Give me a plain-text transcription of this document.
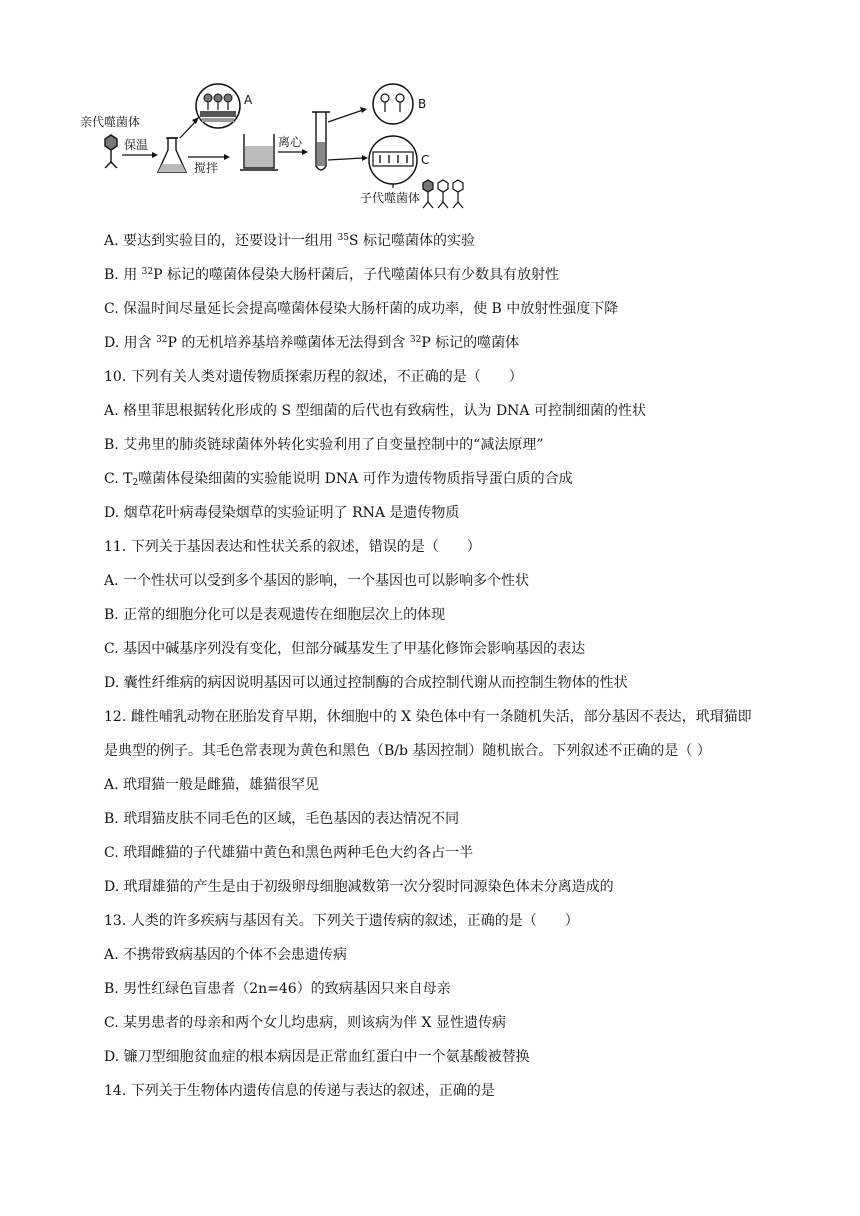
亲代噬菌体
保温
A
搅拌
离心
B
C
子代噬菌体
A. 要达到实验目的，还要设计一组用 $^{35}$S 标记噬菌体的实验
B. 用 $^{32}$P 标记的噬菌体侵染大肠杆菌后，子代噬菌体只有少数具有放射性
C. 保温时间尽量延长会提高噬菌体侵染大肠杆菌的成功率，使 B 中放射性强度下降
D. 用含 $^{32}$P 的无机培养基培养噬菌体无法得到含 $^{32}$P 标记的噬菌体
10. 下列有关人类对遗传物质探索历程的叙述，不正确的是（　　）
A. 格里菲思根据转化形成的 S 型细菌的后代也有致病性，认为 DNA 可控制细菌的性状
B. 艾弗里的肺炎链球菌体外转化实验利用了自变量控制中的“减法原理”
C. $T_2$噬菌体侵染细菌的实验能说明 DNA 可作为遗传物质指导蛋白质的合成
D. 烟草花叶病毒侵染烟草的实验证明了 RNA 是遗传物质
11. 下列关于基因表达和性状关系的叙述，错误的是（　　）
A. 一个性状可以受到多个基因的影响，一个基因也可以影响多个性状
B. 正常的细胞分化可以是表观遗传在细胞层次上的体现
C. 基因中碱基序列没有变化，但部分碱基发生了甲基化修饰会影响基因的表达
D. 囊性纤维病的病因说明基因可以通过控制酶的合成控制代谢从而控制生物体的性状
12. 雌性哺乳动物在胚胎发育早期，休细胞中的 X 染色体中有一条随机失活，部分基因不表达，玳瑁猫即
是典型的例子。其毛色常表现为黄色和黑色（B/b 基因控制）随机嵌合。下列叙述不正确的是（ ）
A. 玳瑁猫一般是雌猫，雄猫很罕见
B. 玳瑁猫皮肤不同毛色的区域，毛色基因的表达情况不同
C. 玳瑁雌猫的子代雄猫中黄色和黑色两种毛色大约各占一半
D. 玳瑁雄猫的产生是由于初级卵母细胞减数第一次分裂时同源染色体未分离造成的
13. 人类的许多疾病与基因有关。下列关于遗传病的叙述，正确的是（　　）
A. 不携带致病基因的个体不会患遗传病
B. 男性红绿色盲患者（2n=46）的致病基因只来自母亲
C. 某男患者的母亲和两个女儿均患病，则该病为伴 X 显性遗传病
D. 镰刀型细胞贫血症的根本病因是正常血红蛋白中一个氨基酸被替换
14. 下列关于生物体内遗传信息的传递与表达的叙述，正确的是
